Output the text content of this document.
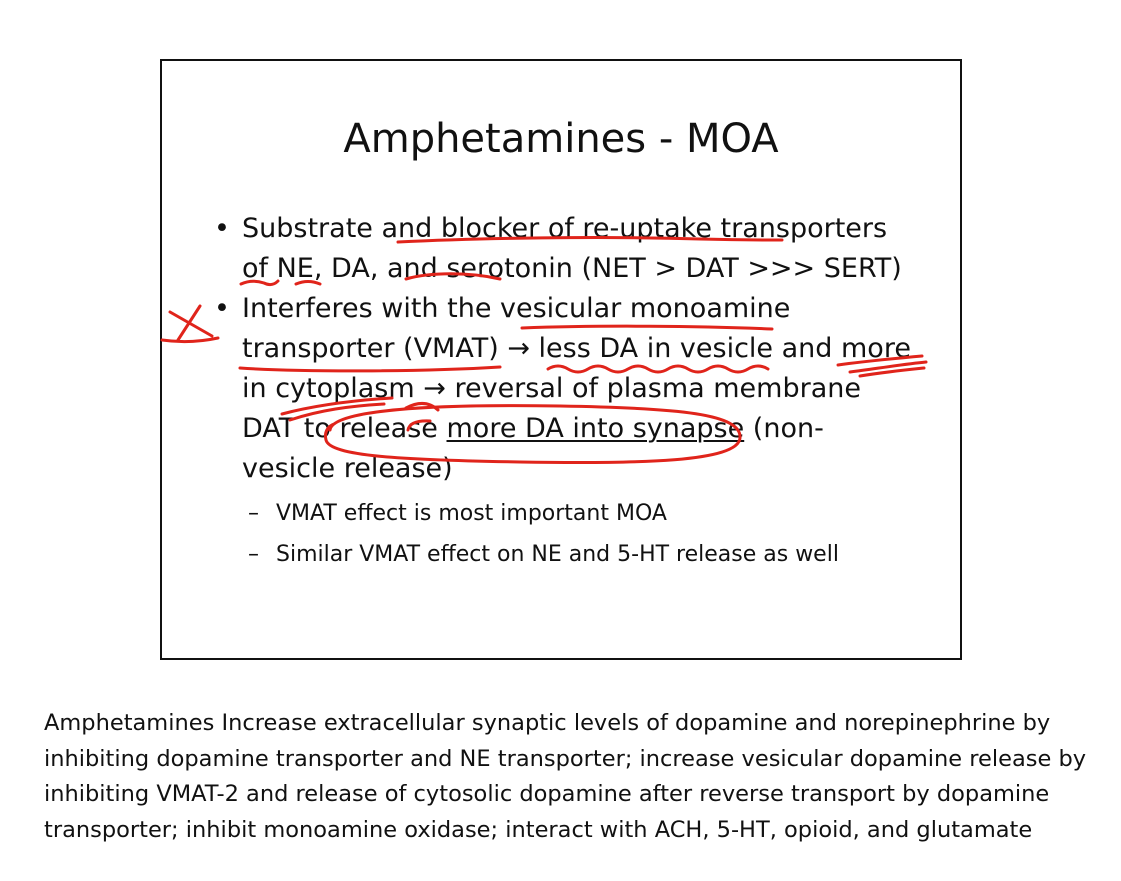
Amphetamines - MOA
• Substrate and blocker of re-uptake transporters of NE, DA, and serotonin (NET > DAT >>> SERT)
• Interferes with the vesicular monoamine transporter (VMAT) → less DA in vesicle and more in cytoplasm → reversal of plasma membrane DAT to release more DA into synapse (non-vesicle release)
– VMAT effect is most important MOA
– Similar VMAT effect on NE and 5-HT release as well

Amphetamines Increase extracellular synaptic levels of dopamine and norepinephrine by inhibiting dopamine transporter and NE transporter; increase vesicular dopamine release by inhibiting VMAT-2 and release of cytosolic dopamine after reverse transport by dopamine transporter; inhibit monoamine oxidase; interact with ACH, 5-HT, opioid, and glutamate
